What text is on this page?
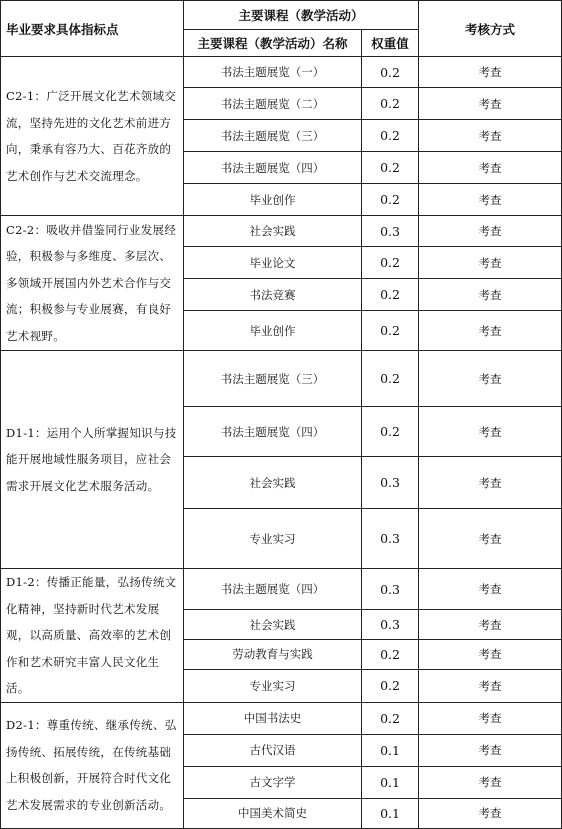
毕业要求具体指标点	主要课程（教学活动）		考核方式
	主要课程（教学活动）名称	权重值	
C2-1：广泛开展文化艺术领域交流，坚持先进的文化艺术前进方向，秉承有容乃大、百花齐放的艺术创作与艺术交流理念。	书法主题展览（一）	0.2	考查
	书法主题展览（二）	0.2	考查
	书法主题展览（三）	0.2	考查
	书法主题展览（四）	0.2	考查
	毕业创作	0.2	考查
C2-2：吸收并借鉴同行业发展经验，积极参与多维度、多层次、多领域开展国内外艺术合作与交流；积极参与专业展赛，有良好艺术视野。	社会实践	0.3	考查
	毕业论文	0.2	考查
	书法竞赛	0.2	考查
	毕业创作	0.2	考查
D1-1：运用个人所掌握知识与技能开展地域性服务项目，应社会需求开展文化艺术服务活动。	书法主题展览（三）	0.2	考查
	书法主题展览（四）	0.2	考查
	社会实践	0.3	考查
	专业实习	0.3	考查
D1-2：传播正能量，弘扬传统文化精神，坚持新时代艺术发展观，以高质量、高效率的艺术创作和艺术研究丰富人民文化生活。	书法主题展览（四）	0.3	考查
	社会实践	0.3	考查
	劳动教育与实践	0.2	考查
	专业实习	0.2	考查
D2-1：尊重传统、继承传统、弘扬传统、拓展传统，在传统基础上积极创新，开展符合时代文化艺术发展需求的专业创新活动。	中国书法史	0.2	考查
	古代汉语	0.1	考查
	古文字学	0.1	考查
	中国美术简史	0.1	考查
